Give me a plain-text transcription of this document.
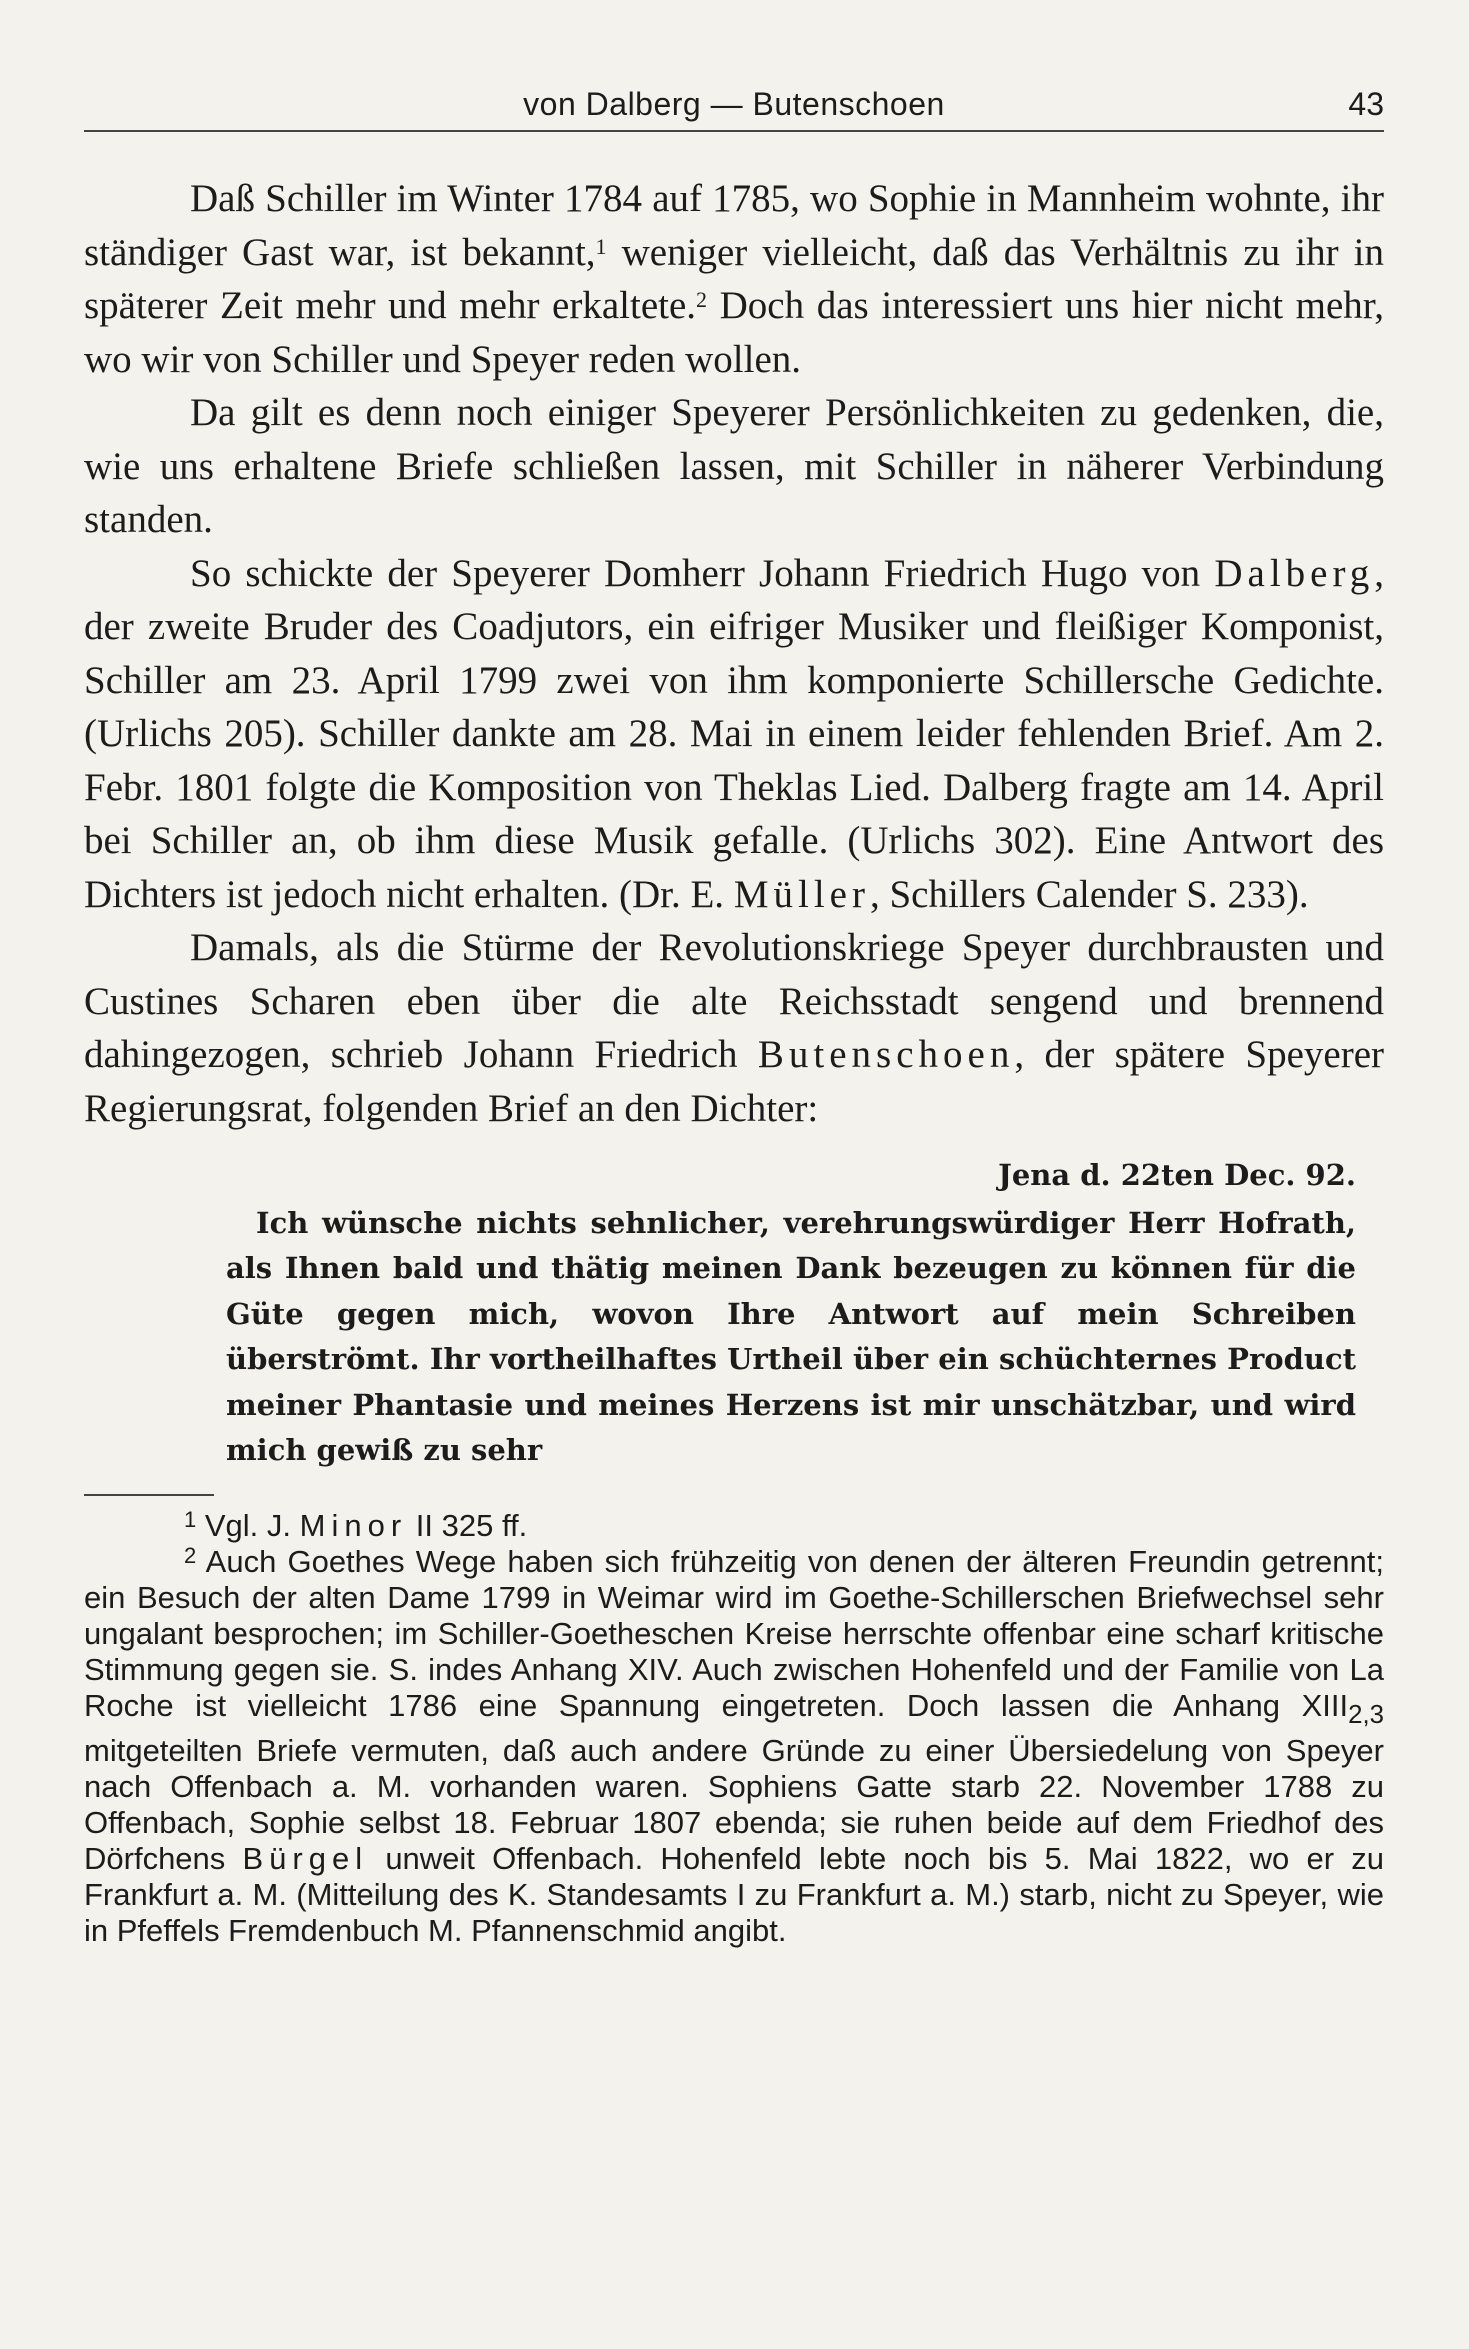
von Dalberg — Butenschoen	43

Daß Schiller im Winter 1784 auf 1785, wo Sophie in Mannheim wohnte, ihr ständiger Gast war, ist bekannt,$^1$ weniger vielleicht, daß das Verhältnis zu ihr in späterer Zeit mehr und mehr erkaltete.$^2$ Doch das interessiert uns hier nicht mehr, wo wir von Schiller und Speyer reden wollen.

Da gilt es denn noch einiger Speyerer Persönlichkeiten zu gedenken, die, wie uns erhaltene Briefe schließen lassen, mit Schiller in näherer Verbindung standen.

So schickte der Speyerer Domherr Johann Friedrich Hugo von Dalberg, der zweite Bruder des Coadjutors, ein eifriger Musiker und fleißiger Komponist, Schiller am 23. April 1799 zwei von ihm komponierte Schillersche Gedichte. (Urlichs 205). Schiller dankte am 28. Mai in einem leider fehlenden Brief. Am 2. Febr. 1801 folgte die Komposition von Theklas Lied. Dalberg fragte am 14. April bei Schiller an, ob ihm diese Musik gefalle. (Urlichs 302). Eine Antwort des Dichters ist jedoch nicht erhalten. (Dr. E. Müller, Schillers Calender S. 233).

Damals, als die Stürme der Revolutionskriege Speyer durchbrausten und Custines Scharen eben über die alte Reichsstadt sengend und brennend dahingezogen, schrieb Johann Friedrich Butenschoen, der spätere Speyerer Regierungsrat, folgenden Brief an den Dichter:

Jena d. 22ten Dec. 92.
Ich wünsche nichts sehnlicher, verehrungswürdiger Herr Hofrath, als Ihnen bald und thätig meinen Dank bezeugen zu können für die Güte gegen mich, wovon Ihre Antwort auf mein Schreiben überströmt. Ihr vortheilhaftes Urtheil über ein schüchternes Product meiner Phantasie und meines Herzens ist mir unschätzbar, und wird mich gewiß zu sehr

$^1$ Vgl. J. Minor II 325 ff.

$^2$ Auch Goethes Wege haben sich frühzeitig von denen der älteren Freundin getrennt; ein Besuch der alten Dame 1799 in Weimar wird im Goethe-Schillerschen Briefwechsel sehr ungalant besprochen; im Schiller-Goetheschen Kreise herrschte offenbar eine scharf kritische Stimmung gegen sie. S. indes Anhang XIV. Auch zwischen Hohenfeld und der Familie von La Roche ist vielleicht 1786 eine Spannung eingetreten. Doch lassen die Anhang $XIII_{2,3}$ mitgeteilten Briefe vermuten, daß auch andere Gründe zu einer Übersiedelung von Speyer nach Offenbach a. M. vorhanden waren. Sophiens Gatte starb 22. November 1788 zu Offenbach, Sophie selbst 18. Februar 1807 ebenda; sie ruhen beide auf dem Friedhof des Dörfchens Bürgel unweit Offenbach. Hohenfeld lebte noch bis 5. Mai 1822, wo er zu Frankfurt a. M. (Mitteilung des K. Standesamts I zu Frankfurt a. M.) starb, nicht zu Speyer, wie in Pfeffels Fremdenbuch M. Pfannenschmid angibt.
